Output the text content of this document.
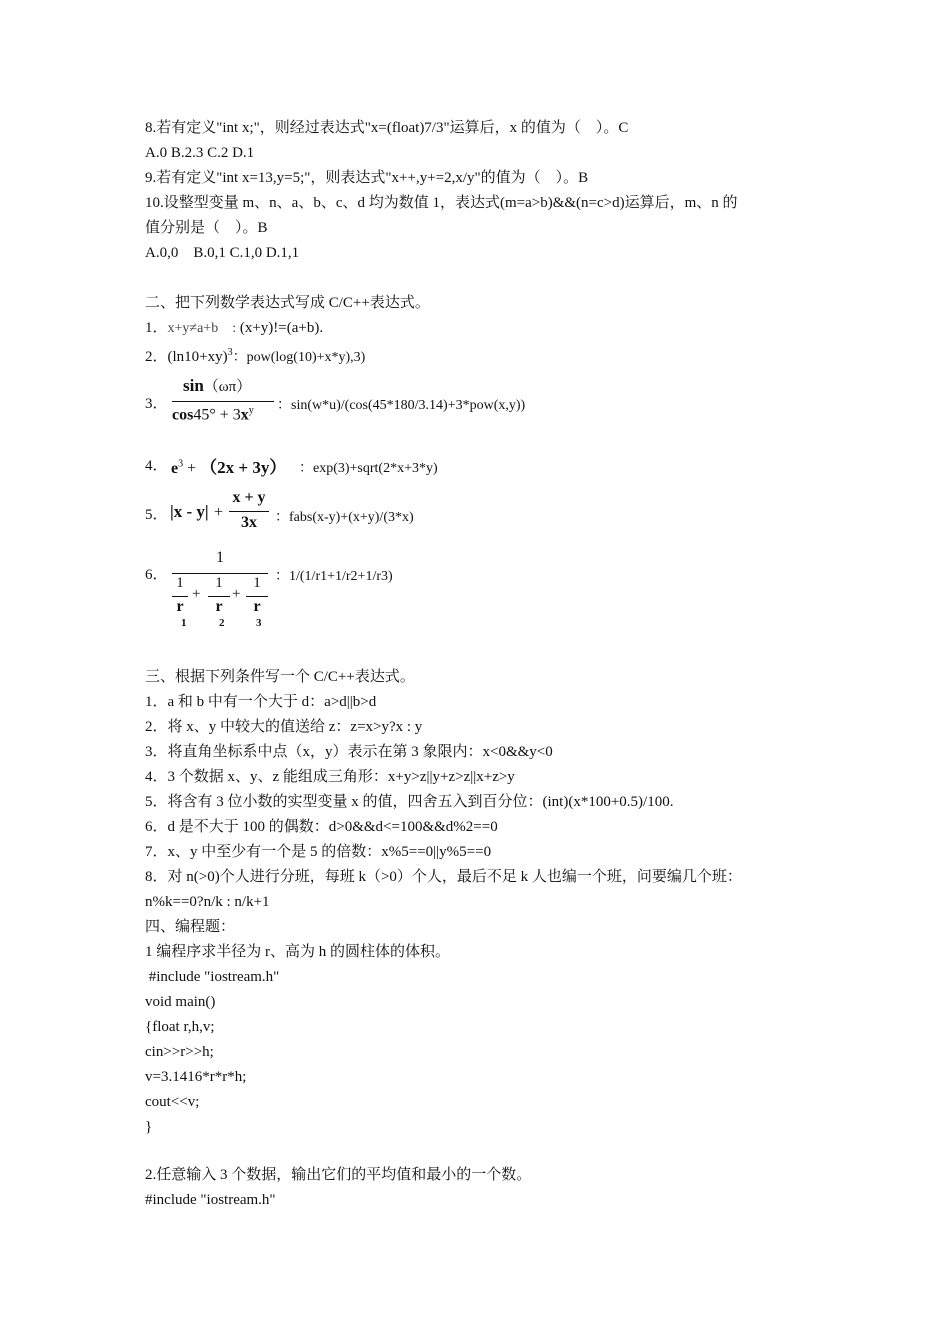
8.若有定义"int x;"，则经过表达式"x=(float)7/3"运算后，x 的值为（　）。C
A.0 B.2.3 C.2 D.1
9.若有定义"int x=13,y=5;"，则表达式"x++,y+=2,x/y"的值为（　）。B
10.设整型变量 m、n、a、b、c、d 均为数值 1，表达式(m=a>b)&&(n=c>d)运算后，m、n 的
值分别是（　）。B
A.0,0　B.0,1 C.1,0 D.1,1
二、把下列数学表达式写成 C/C++表达式。
1．x+y≠a+b　: (x+y)!=(a+b).
2．$(\ln 10+xy)^3$：pow(log(10)+x*y),3)
3．
sin（ωπ）
$\cos 45^\circ + 3x^y$ ：sin(w*u)/(cos(45*180/3.14)+3*pow(x,y))
4． $e^3 + (2x + 3y)$ ：exp(3)+sqrt(2*x+3*y)
5． |x - y| +
x + y
3x	：fabs(x-y)+(x+y)/(3*x)
6．
1
1
r
1
+
1
r
2
+
1
r
3
：1/(1/r1+1/r2+1/r3)
三、根据下列条件写一个 C/C++表达式。
1．a 和 b 中有一个大于 d：a>d||b>d
2．将 x、y 中较大的值送给 z：z=x>y?x : y
3．将直角坐标系中点（x，y）表示在第 3 象限内：x<0&&y<0
4．3 个数据 x、y、z 能组成三角形：x+y>z||y+z>z||x+z>y
5．将含有 3 位小数的实型变量 x 的值，四舍五入到百分位：(int)(x*100+0.5)/100.
6．d 是不大于 100 的偶数：d>0&&d<=100&&d%2==0
7．x、y 中至少有一个是 5 的倍数：x%5==0||y%5==0
8．对 n(>0)个人进行分班，每班 k（>0）个人，最后不足 k 人也编一个班，问要编几个班：
n%k==0?n/k : n/k+1
四、编程题：
1 编程序求半径为 r、高为 h 的圆柱体的体积。
#include "iostream.h"
void main()
{float r,h,v;
cin>>r>>h;
v=3.1416*r*r*h;
cout<<v;
}
2.任意输入 3 个数据，输出它们的平均值和最小的一个数。
#include "iostream.h"
